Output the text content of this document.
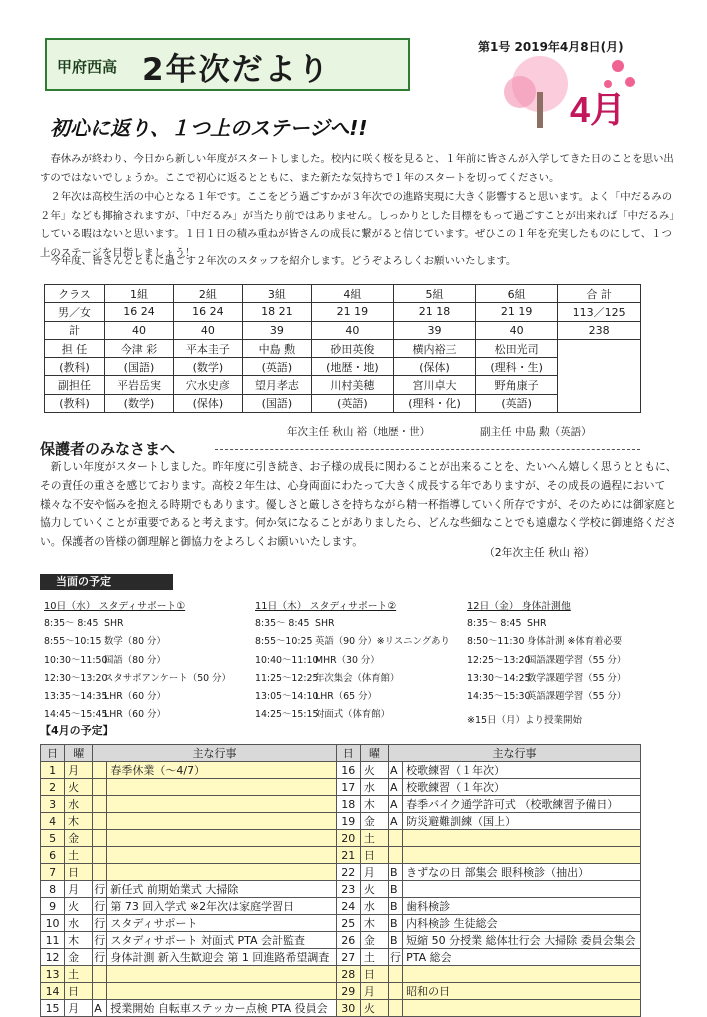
甲府西高 2年次だより
第1号 2019年4月8日(月)
4月
初心に返り、１つ上のステージへ!!

春休みが終わり、今日から新しい年度がスタートしました。校内に咲く桜を見ると、１年前に皆さんが入学してきた日のことを思い出すのではないでしょうか。ここで初心に返るとともに、また新たな気持ちで１年のスタートを切ってください。

２年次は高校生活の中心となる１年です。ここをどう過ごすかが３年次での進路実現に大きく影響すると思います。よく「中だるみの２年」なども揶揄されますが、「中だるみ」が当たり前ではありません。しっかりとした目標をもって過ごすことが出来れば「中だるみ」している暇はないと思います。１日１日の積み重ねが皆さんの成長に繋がると信じています。ぜひこの１年を充実したものにして、１つ上のステージを目指しましょう！

今年度、皆さんとともに過ごす２年次のスタッフを紹介します。どうぞよろしくお願いいたします。

クラス	1組	2組	3組	4組	5組	6組	合 計
男／女	16 24	16 24	18 21	21 19	21 18	21 19	113／125
計	40	40	39	40	39	40	238
担 任	今津 彩	平本圭子	中島 勲	砂田英俊	横内裕三	松田光司	
(教科)	(国語)	(数学)	(英語)	(地歴・地)	(保体)	(理科・生)	
副担任	平岩岳実	穴水史彦	望月孝志	川村美穂	宮川卓大	野角康子	
(教科)	(数学)	(保体)	(国語)	(英語)	(理科・化)	(英語)	
年次主任 秋山 裕（地歴・世）	副主任 中島 勲（英語）
保護者のみなさまへ

新しい年度がスタートしました。昨年度に引き続き、お子様の成長に関わることが出来ることを、たいへん嬉しく思うとともに、その責任の重さを感じております。高校２年生は、心身両面にわたって大きく成長する年でありますが、その成長の過程において様々な不安や悩みを抱える時期でもあります。優しさと厳しさを持ちながら精一杯指導していく所存ですが、そのためには御家庭と協力していくことが重要であると考えます。何か気になることがありましたら、どんな些細なことでも遠慮なく学校に御連絡ください。保護者の皆様の御理解と御協力をよろしくお願いいたします。

（2年次主任 秋山 裕）
当面の予定
10日（水） スタディサポート①
8:35～ 8:45 SHR
8:55～10:15 数学（80 分）
10:30～11:50国語（80 分）
12:30～13:20スタサポアンケート（50 分）
13:35～14:35LHR（60 分）
14:45～15:45LHR（60 分）
11日（木） スタディサポート②
8:35～ 8:45 SHR
8:55～10:25 英語（90 分）※リスニングあり
10:40～11:10MHR（30 分）
11:25～12:25年次集会（体育館）
13:05～14:10LHR（65 分）
14:25～15:15対面式（体育館）
12日（金） 身体計測他
8:35～ 8:45 SHR
8:50～11:30 身体計測 ※体育着必要
12:25～13:20国語課題学習（55 分）
13:30～14:25数学課題学習（55 分）
14:35～15:30英語課題学習（55 分）
※15日（月）より授業開始
【4月の予定】
日	曜	主な行事		日	曜	主な行事	
1	月		春季休業（～4/7）	16	火	A	校歌練習（１年次）
2	火			17	水	A	校歌練習（１年次）
3	水			18	木	A	春季バイク通学許可式 （校歌練習予備日）
4	木			19	金	A	防災避難訓練（国上）
5	金			20	土		
6	土			21	日		
7	日			22	月	B	きずなの日 部集会 眼科検診（抽出）
8	月	行	新任式 前期始業式 大掃除	23	火	B	
9	火	行	第 73 回入学式 ※2年次は家庭学習日	24	水	B	歯科検診
10	水	行	スタディサポート	25	木	B	内科検診 生徒総会
11	木	行	スタディサポート 対面式 PTA 会計監査	26	金	B	短縮 50 分授業 総体壮行会 大掃除 委員会集会
12	金	行	身体計測 新入生歓迎会 第 1 回進路希望調査	27	土	行	PTA 総会
13	土			28	日		
14	日			29	月		昭和の日
15	月	A	授業開始 自転車ステッカー点検 PTA 役員会	30	火		
